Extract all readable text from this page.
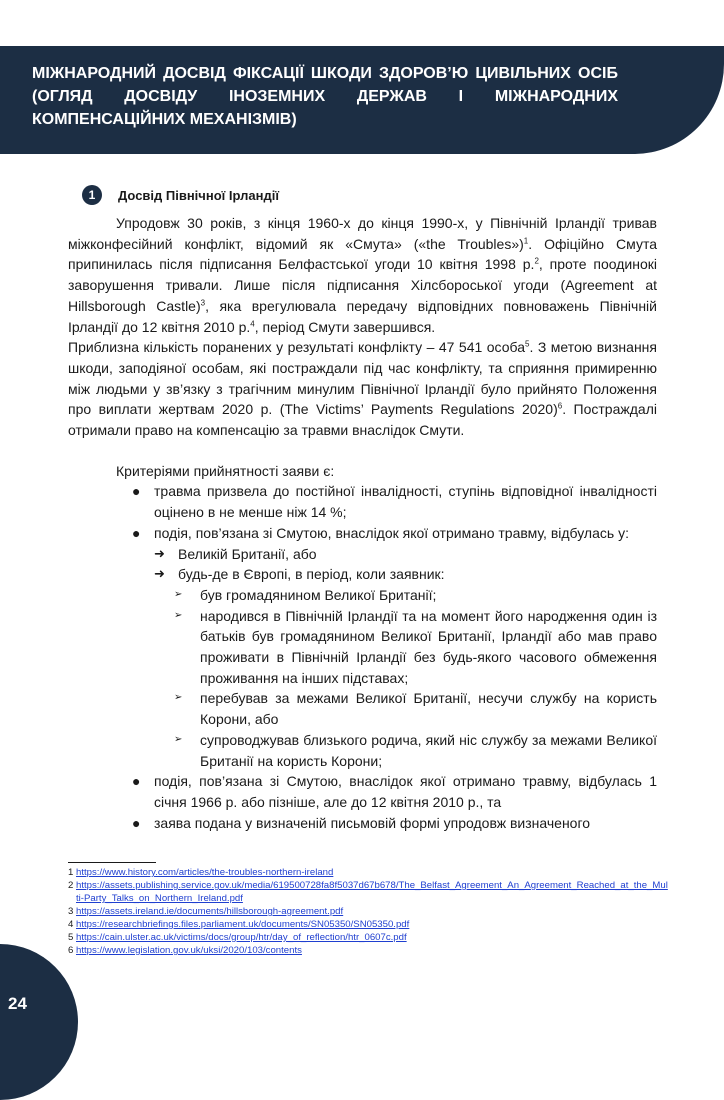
МІЖНАРОДНИЙ ДОСВІД ФІКСАЦІЇ ШКОДИ ЗДОРОВ’Ю ЦИВІЛЬНИХ ОСІБ (ОГЛЯД ДОСВІДУ ІНОЗЕМНИХ ДЕРЖАВ І МІЖНАРОДНИХ КОМПЕНСАЦІЙНИХ МЕХАНІЗМІВ)
1	Досвід Північної Ірландії

Упродовж 30 років, з кінця 1960-х до кінця 1990-х, у Північній Ірландії тривав міжконфесійний конфлікт, відомий як «Смута» («the Troubles»)$^1$. Офіційно Смута припинилась після підписання Белфастської угоди 10 квітня 1998 р.$^2$, проте поодинокі заворушення тривали. Лише після підписання Хілсбороської угоди (Agreement at Hillsborough Castle)$^3$, яка врегулювала передачу відповідних повноважень Північній Ірландії до 12 квітня 2010 р.$^4$, період Смути завершився.

Приблизна кількість поранених у результаті конфлікту – 47 541 особа$^5$. З метою визнання шкоди, заподіяної особам, які постраждали під час конфлікту, та сприяння примиренню між людьми у зв’язку з трагічним минулим Північної Ірландії було прийнято Положення про виплати жертвам 2020 р. (The Victims’ Payments Regulations 2020)$^6$. Постраждалі отримали право на компенсацію за травми внаслідок Смути.

Критеріями прийнятності заяви є:

● травма призвела до постійної інвалідності, ступінь відповідної інвалідності оцінено в не менше ніж 14 %;
● подія, пов’язана зі Смутою, внаслідок якої отримано травму, відбулась у:
➜ Великій Британії, або
➜ будь-де в Європі, в період, коли заявник:
➢ був громадянином Великої Британії;
➢ народився в Північній Ірландії та на момент його народження один із батьків був громадянином Великої Британії, Ірландії або мав право проживати в Північній Ірландії без будь-якого часового обмеження проживання на інших підставах;
➢ перебував за межами Великої Британії, несучи службу на користь Корони, або
➢ супроводжував близького родича, який ніс службу за межами Великої Британії на користь Корони;
● подія, пов’язана зі Смутою, внаслідок якої отримано травму, відбулась 1 січня 1966 р. або пізніше, але до 12 квітня 2010 р., та
● заява подана у визначеній письмовій формі упродовж визначеного
1 https://www.history.com/articles/the-troubles-northern-ireland
2 https://assets.publishing.service.gov.uk/media/619500728fa8f5037d67b678/The_Belfast_Agreement_An_Agreement_Reached_at_the_Multi-Party_Talks_on_Northern_Ireland.pdf
3 https://assets.ireland.ie/documents/hillsborough-agreement.pdf
4 https://researchbriefings.files.parliament.uk/documents/SN05350/SN05350.pdf
5 https://cain.ulster.ac.uk/victims/docs/group/htr/day_of_reflection/htr_0607c.pdf
6 https://www.legislation.gov.uk/uksi/2020/103/contents
24
